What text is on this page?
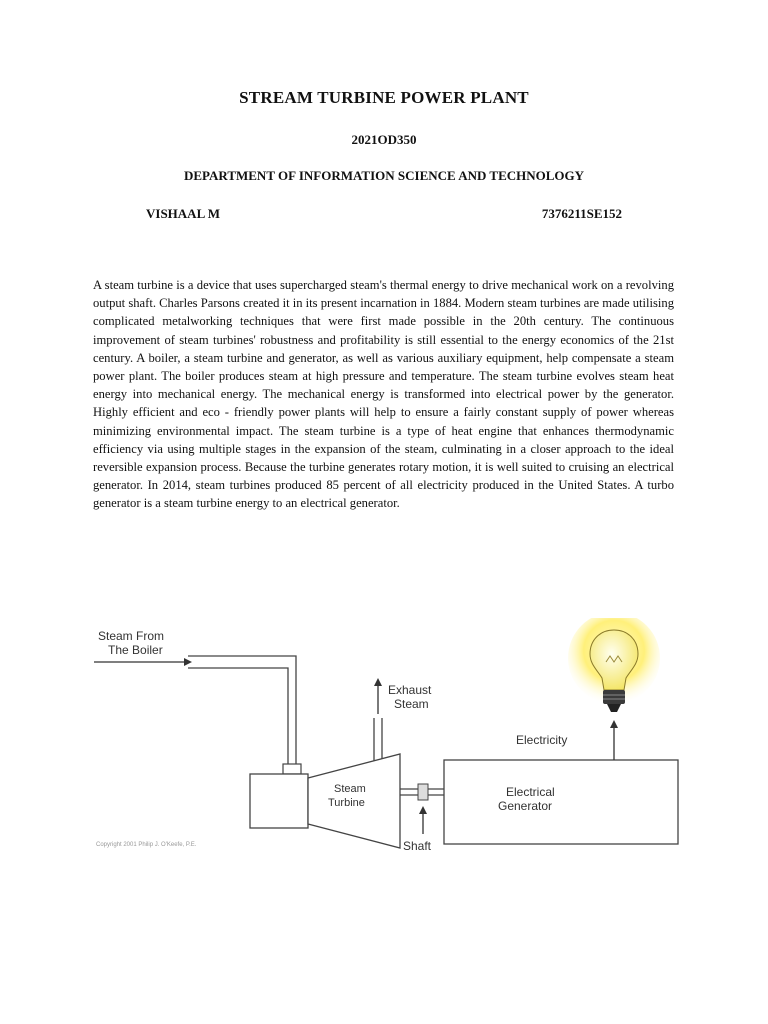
STREAM TURBINE POWER PLANT
2021OD350
DEPARTMENT OF INFORMATION SCIENCE AND TECHNOLOGY
VISHAAL M	7376211SE152
A steam turbine is a device that uses supercharged steam's thermal energy to drive mechanical work on a revolving output shaft. Charles Parsons created it in its present incarnation in 1884. Modern steam turbines are made utilising complicated metalworking techniques that were first made possible in the 20th century. The continuous improvement of steam turbines' robustness and profitability is still essential to the energy economics of the 21st century. A boiler, a steam turbine and generator, as well as various auxiliary equipment, help compensate a steam power plant. The boiler produces steam at high pressure and temperature. The steam turbine evolves steam heat energy into mechanical energy. The mechanical energy is transformed into electrical power by the generator. Highly efficient and eco - friendly power plants will help to ensure a fairly constant supply of power whereas minimizing environmental impact. The steam turbine is a type of heat engine that enhances thermodynamic efficiency via using multiple stages in the expansion of the steam, culminating in a closer approach to the ideal reversible expansion process. Because the turbine generates rotary motion, it is well suited to cruising an electrical generator. In 2014, steam turbines produced 85 percent of all electricity produced in the United States. A turbo generator is a steam turbine energy to an electrical generator.
Steam From
The Boiler
Steam
Turbine
Exhaust
Steam
Shaft
Electrical
Generator
Electricity
Copyright 2001 Philip J. O'Keefe, P.E.
